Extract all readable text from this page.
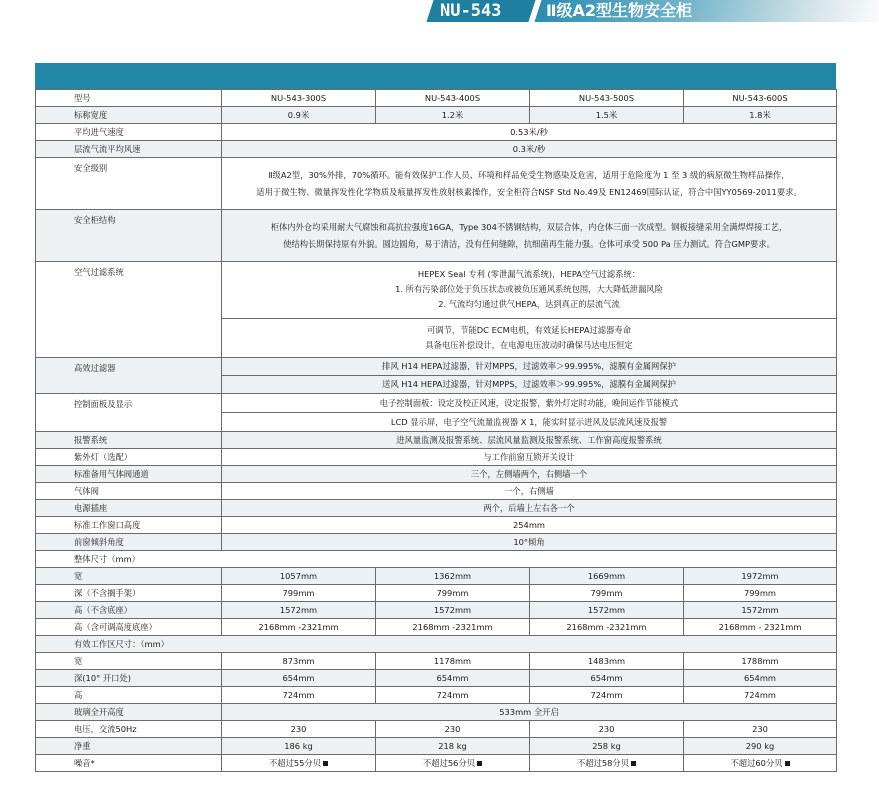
NU-543	Ⅱ级A2型生物安全柜
型号	NU-543-300S	NU-543-400S	NU-543-500S	NU-543-600S
标称宽度	0.9米	1.2米	1.5米	1.8米
平均进气速度	0.53米/秒			
层流气流平均风速	0.3米/秒			
安全级别	Ⅱ级A2型，30%外排，70%循环。能有效保护工作人员、环境和样品免受生物感染及危害，适用于危险度为 1 至 3 级的病原微生物样品操作，
适用于微生物、微量挥发性化学物质及痕量挥发性放射核素操作，安全柜符合NSF Std No.49及 EN12469国际认证，符合中国YY0569-2011要求。			

安全柜结构	柜体内外仓均采用耐大气腐蚀和高抗拉强度16GA，Type 304不锈钢结构，双层合体，内仓体三面一次成型。钢板接缝采用全满焊焊接工艺，
使结构长期保持原有外貌。圆边圆角，易于清洁，没有任何缝隙，抗细菌再生能力强。仓体可承受 500 Pa 压力测试。符合GMP要求。			

空气过滤系统	HEPEX Seal 专利 (零泄漏气流系统)，HEPA空气过滤系统：
1. 所有污染部位处于负压状态或被负压通风系统包围，大大降低泄漏风险
2. 气流均匀通过供气HEPA，达到真正的层流气流
可调节，节能DC ECM电机，有效延长HEPA过滤器寿命
具备电压补偿设计，在电源电压波动时确保马达电压恒定			

高效过滤器	排风 H14 HEPA过滤器，针对MPPS，过滤效率＞99.995%，滤膜有金属网保护
送风 H14 HEPA过滤器，针对MPPS，过滤效率＞99.995%，滤膜有金属网保护			

控制面板及显示	电子控制面板：设定及校正风速，设定报警，紫外灯定时功能，晚间运作节能模式
LCD 显示屏，电子空气流量监视器 X 1，能实时显示进风及层流风速及报警			

报警系统	进风量监测及报警系统、层流风量监测及报警系统、工作窗高度报警系统			
紫外灯（选配）	与工作前窗互锁开关设计			
标准备用气体阀通道	三个，左侧墙两个，右侧墙一个			
气体阀	一个，右侧墙			
电源插座	两个，后墙上左右各一个			
标准工作窗口高度	254mm			
前窗倾斜角度	10°倾角			
整体尺寸（mm）				
宽	1057mm	1362mm	1669mm	1972mm
深（不含搁手架）	799mm	799mm	799mm	799mm
高（不含底座）	1572mm	1572mm	1572mm	1572mm
高（含可调高度底座）	2168mm -2321mm	2168mm -2321mm	2168mm -2321mm	2168mm - 2321mm
有效工作区尺寸：（mm）				
宽	873mm	1178mm	1483mm	1788mm
深(10° 开口处)	654mm	654mm	654mm	654mm
高	724mm	724mm	724mm	724mm
玻璃全开高度	533mm 全开启			
电压，交流50Hz	230	230	230	230
净重	186 kg	218 kg	258 kg	290 kg
噪音*	不超过55分贝	不超过56分贝	不超过58分贝	不超过60分贝
